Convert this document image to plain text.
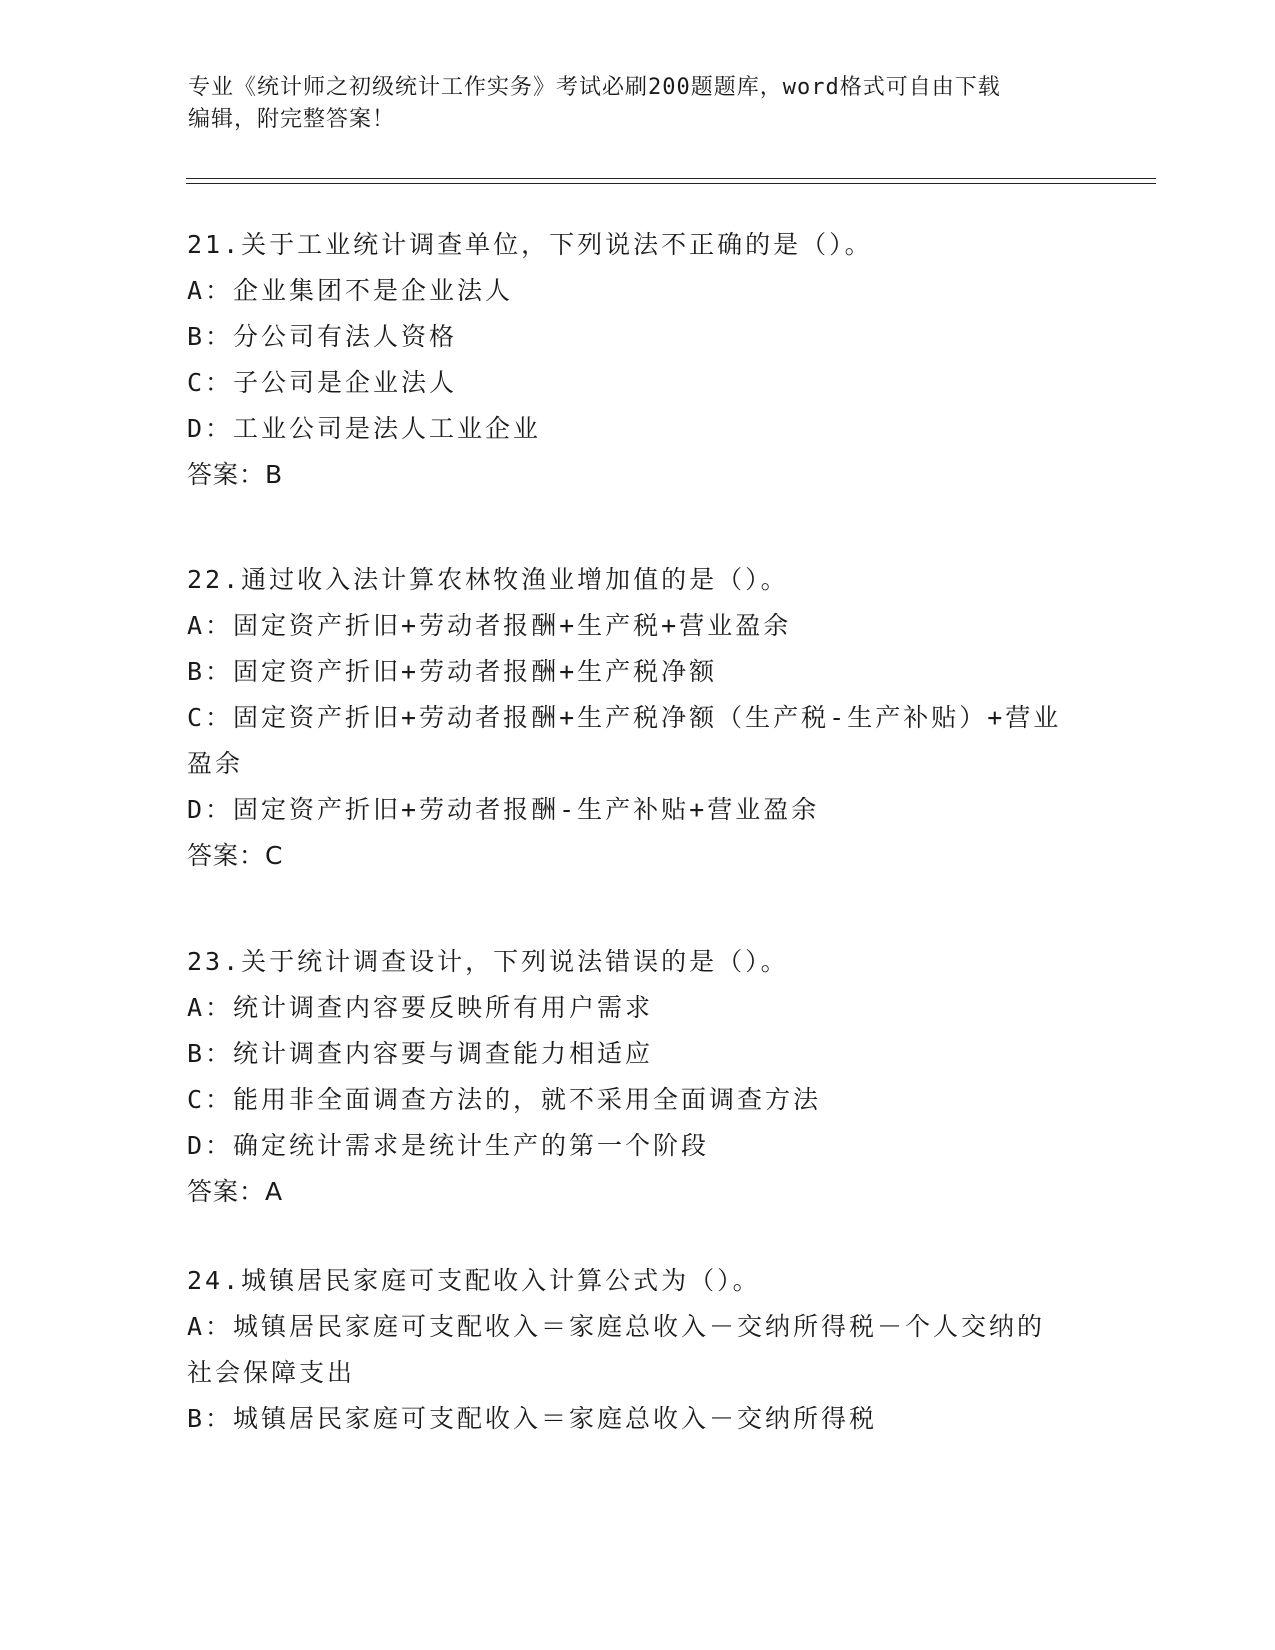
专业《统计师之初级统计工作实务》考试必刷200题题库，word格式可自由下载
编辑，附完整答案！
21.关于工业统计调查单位，下列说法不正确的是（）。
A：企业集团不是企业法人
B：分公司有法人资格
C：子公司是企业法人
D：工业公司是法人工业企业
答案：B
22.通过收入法计算农林牧渔业增加值的是（）。
A：固定资产折旧+劳动者报酬+生产税+营业盈余
B：固定资产折旧+劳动者报酬+生产税净额
C：固定资产折旧+劳动者报酬+生产税净额（生产税-生产补贴）+营业
盈余
D：固定资产折旧+劳动者报酬-生产补贴+营业盈余
答案：C
23.关于统计调查设计，下列说法错误的是（）。
A：统计调查内容要反映所有用户需求
B：统计调查内容要与调查能力相适应
C：能用非全面调查方法的，就不采用全面调查方法
D：确定统计需求是统计生产的第一个阶段
答案：A
24.城镇居民家庭可支配收入计算公式为（）。
A：城镇居民家庭可支配收入＝家庭总收入－交纳所得税－个人交纳的
社会保障支出
B：城镇居民家庭可支配收入＝家庭总收入－交纳所得税
